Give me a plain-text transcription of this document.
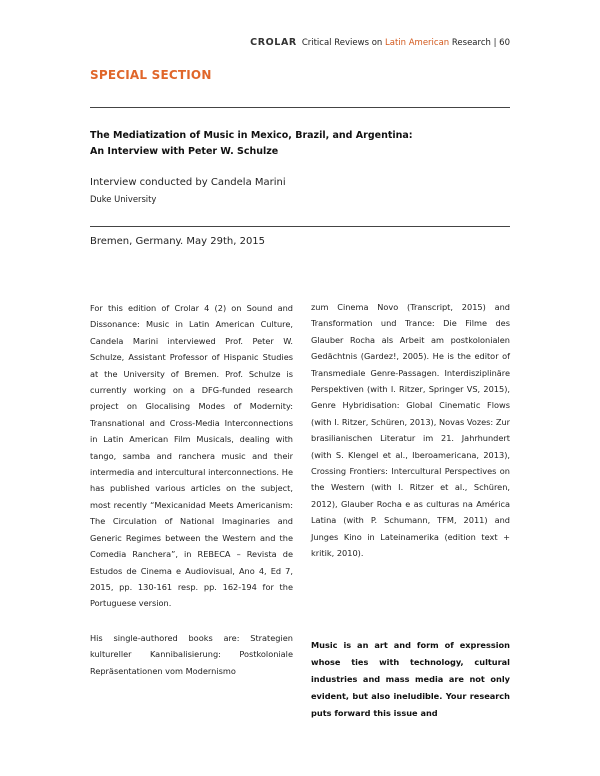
CROLAR Critical Reviews on Latin American Research | 60
SPECIAL SECTION
The Mediatization of Music in Mexico, Brazil, and Argentina:
An Interview with Peter W. Schulze
Interview conducted by Candela Marini
Duke University
Bremen, Germany. May 29th, 2015

For this edition of Crolar 4 (2) on Sound and Dissonance: Music in Latin American Culture, Candela Marini interviewed Prof. Peter W. Schulze, Assistant Professor of Hispanic Studies at the University of Bremen. Prof. Schulze is currently working on a DFG-funded research project on Glocalising Modes of Modernity: Transnational and Cross-Media Interconnections in Latin American Film Musicals, dealing with tango, samba and ranchera music and their intermedia and intercultural interconnections. He has published various articles on the subject, most recently “Mexicanidad Meets Americanism: The Circulation of National Imaginaries and Generic Regimes between the Western and the Comedia Ranchera”, in REBECA – Revista de Estudos de Cinema e Audiovisual, Ano 4, Ed 7, 2015, pp. 130-161 resp. pp. 162-194 for the Portuguese version.

His single-authored books are: Strategien kultureller Kannibalisierung: Postkoloniale Repräsentationen vom Modernismo

zum Cinema Novo (Transcript, 2015) and Transformation und Trance: Die Filme des Glauber Rocha als Arbeit am postkolonialen Gedächtnis (Gardez!, 2005). He is the editor of Transmediale Genre-Passagen. Interdisziplinäre Perspektiven (with I. Ritzer, Springer VS, 2015), Genre Hybridisation: Global Cinematic Flows (with I. Ritzer, Schüren, 2013), Novas Vozes: Zur brasilianischen Literatur im 21. Jahrhundert (with S. Klengel et al., Iberoamericana, 2013), Crossing Frontiers: Intercultural Perspectives on the Western (with I. Ritzer et al., Schüren, 2012), Glauber Rocha e as culturas na América Latina (with P. Schumann, TFM, 2011) and Junges Kino in Lateinamerika (edition text + kritik, 2010).

Music is an art and form of expression whose ties with technology, cultural industries and mass media are not only evident, but also ineludible. Your research puts forward this issue and
